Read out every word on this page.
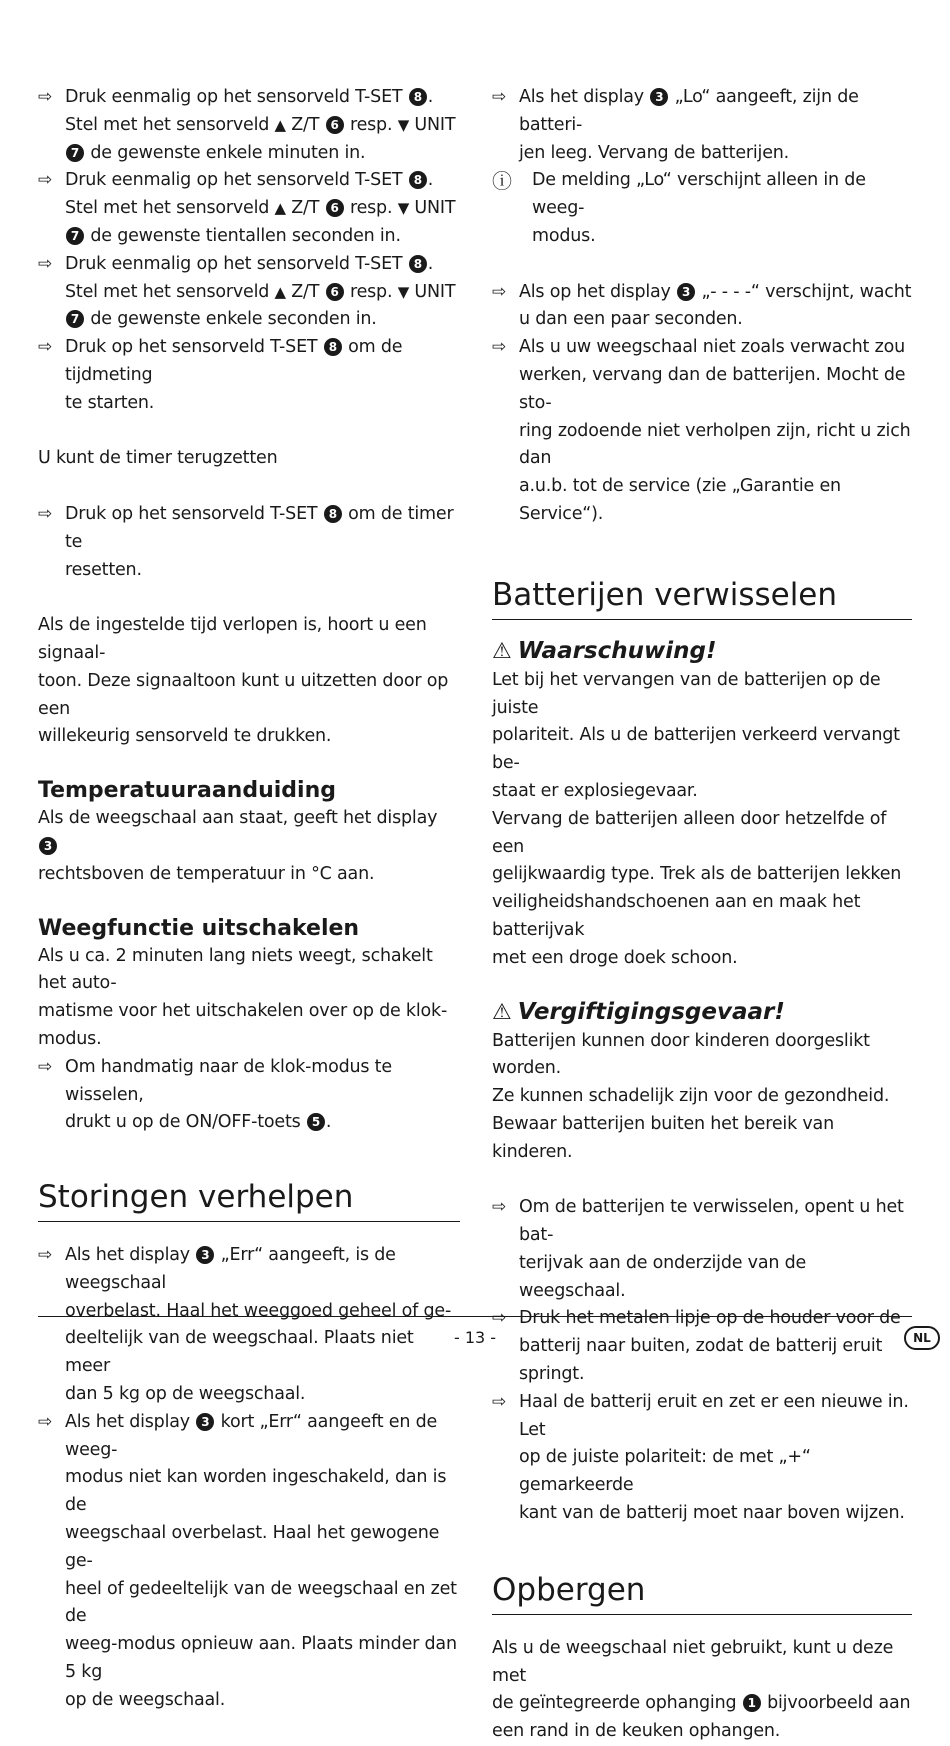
⇨ Druk eenmalig op het sensorveld T-SET 8 .
Stel met het sensorveld ▲ Z/T 6 resp. ▼ UNIT
7 de gewenste enkele minuten in.
⇨ Druk eenmalig op het sensorveld T-SET 8 .
Stel met het sensorveld ▲ Z/T 6 resp. ▼ UNIT
7 de gewenste tientallen seconden in.
⇨ Druk eenmalig op het sensorveld T-SET 8 .
Stel met het sensorveld ▲ Z/T 6 resp. ▼ UNIT
7 de gewenste enkele seconden in.
⇨ Druk op het sensorveld T-SET 8 om de tijdmeting
te starten.
U kunt de timer terugzetten
⇨ Druk op het sensorveld T-SET 8 om de timer te
resetten.
Als de ingestelde tijd verlopen is, hoort u een signaal-
toon. Deze signaaltoon kunt u uitzetten door op een
willekeurig sensorveld te drukken.
Temperatuuraanduiding
Als de weegschaal aan staat, geeft het display 3
rechtsboven de temperatuur in °C aan.
Weegfunctie uitschakelen
Als u ca. 2 minuten lang niets weegt, schakelt het auto-
matisme voor het uitschakelen over op de klok-modus.
⇨ Om handmatig naar de klok-modus te wisselen,
drukt u op de ON/OFF-toets 5 .
Storingen verhelpen
⇨ Als het display 3 „Err“ aangeeft, is de weegschaal
overbelast. Haal het weeggoed geheel of ge-
deeltelijk van de weegschaal. Plaats niet meer
dan 5 kg op de weegschaal.
⇨ Als het display 3 kort „Err“ aangeeft en de weeg-
modus niet kan worden ingeschakeld, dan is de
weegschaal overbelast. Haal het gewogene ge-
heel of gedeeltelijk van de weegschaal en zet de
weeg-modus opnieuw aan. Plaats minder dan 5 kg
op de weegschaal.
⇨ Als het display 3 „Lo“ aangeeft, zijn de batteri-
jen leeg. Vervang de batterijen.
ⓘ De melding „Lo“ verschijnt alleen in de weeg-
modus.
⇨ Als op het display 3 „- - - -“ verschijnt, wacht
u dan een paar seconden.
⇨ Als u uw weegschaal niet zoals verwacht zou
werken, vervang dan de batterijen. Mocht de sto-
ring zodoende niet verholpen zijn, richt u zich dan
a.u.b. tot de service (zie „Garantie en Service“).
Batterijen verwisselen
⚠ Waarschuwing!
Let bij het vervangen van de batterijen op de juiste
polariteit. Als u de batterijen verkeerd vervangt be-
staat er explosiegevaar.
Vervang de batterijen alleen door hetzelfde of een
gelijkwaardig type. Trek als de batterijen lekken
veiligheidshandschoenen aan en maak het batterijvak
met een droge doek schoon.
⚠ Vergiftigingsgevaar!
Batterijen kunnen door kinderen doorgeslikt worden.
Ze kunnen schadelijk zijn voor de gezondheid.
Bewaar batterijen buiten het bereik van kinderen.
⇨ Om de batterijen te verwisselen, opent u het bat-
terijvak aan de onderzijde van de weegschaal.
⇨ Druk het metalen lipje op de houder voor de
batterij naar buiten, zodat de batterij eruit
springt.
⇨ Haal de batterij eruit en zet er een nieuwe in. Let
op de juiste polariteit: de met „+“ gemarkeerde
kant van de batterij moet naar boven wijzen.
Opbergen
Als u de weegschaal niet gebruikt, kunt u deze met
de geïntegreerde ophanging 1 bijvoorbeeld aan
een rand in de keuken ophangen.
- 13 -	NL
